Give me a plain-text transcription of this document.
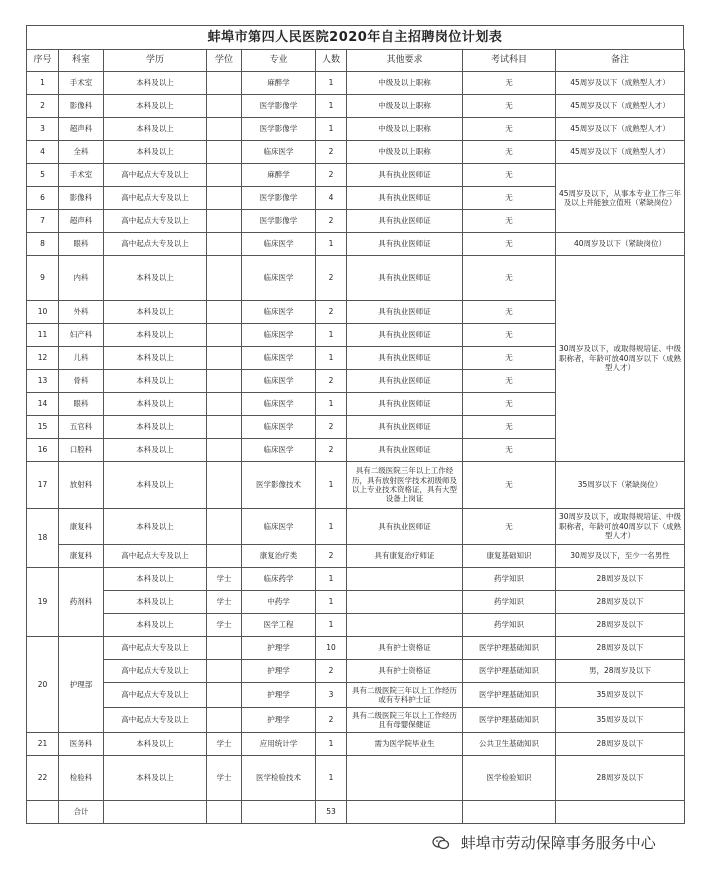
蚌埠市第四人民医院2020年自主招聘岗位计划表
序号	科室	学历	学位	专业	人数	其他要求	考试科目	备注
1	手术室	本科及以上		麻醉学	1	中级及以上职称	无	45周岁及以下（成熟型人才）
2	影像科	本科及以上		医学影像学	1	中级及以上职称	无	45周岁及以下（成熟型人才）
3	超声科	本科及以上		医学影像学	1	中级及以上职称	无	45周岁及以下（成熟型人才）
4	全科	本科及以上		临床医学	2	中级及以上职称	无	45周岁及以下（成熟型人才）
5	手术室	高中起点大专及以上		麻醉学	2	具有执业医师证	无	45周岁及以下，从事本专业工作三年及以上并能独立值班（紧缺岗位）
6	影像科	高中起点大专及以上		医学影像学	4	具有执业医师证	无	
7	超声科	高中起点大专及以上		医学影像学	2	具有执业医师证	无	
8	眼科	高中起点大专及以上		临床医学	1	具有执业医师证	无	40周岁及以下（紧缺岗位）
9	内科	本科及以上		临床医学	2	具有执业医师证	无	30周岁及以下，或取得规培证、中级职称者，年龄可放40周岁以下（成熟型人才）
10	外科	本科及以上		临床医学	2	具有执业医师证	无	
11	妇产科	本科及以上		临床医学	1	具有执业医师证	无	
12	儿科	本科及以上		临床医学	1	具有执业医师证	无	
13	骨科	本科及以上		临床医学	2	具有执业医师证	无	
14	眼科	本科及以上		临床医学	1	具有执业医师证	无	
15	五官科	本科及以上		临床医学	2	具有执业医师证	无	
16	口腔科	本科及以上		临床医学	2	具有执业医师证	无	
17	放射科	本科及以上		医学影像技术	1	具有二级医院三年以上工作经历，具有放射医学技术初级师及以上专业技术资格证，具有大型设备上岗证	无	35周岁以下（紧缺岗位）
18	康复科	本科及以上		临床医学	1	具有执业医师证	无	30周岁及以下，或取得规培证、中级职称者，年龄可放40周岁以下（成熟型人才）
	康复科	高中起点大专及以上		康复治疗类	2	具有康复治疗师证	康复基础知识	30周岁及以下，至少一名男性
19	药剂科	本科及以上	学士	临床药学	1		药学知识	28周岁及以下
		本科及以上	学士	中药学	1		药学知识	28周岁及以下
		本科及以上	学士	医学工程	1		药学知识	28周岁及以下
20	护理部	高中起点大专及以上		护理学	10	具有护士资格证	医学护理基础知识	28周岁及以下
		高中起点大专及以上		护理学	2	具有护士资格证	医学护理基础知识	男，28周岁及以下
		高中起点大专及以上		护理学	3	具有二级医院三年以上工作经历或有专科护士证	医学护理基础知识	35周岁及以下
		高中起点大专及以上		护理学	2	具有二级医院三年以上工作经历且有母婴保健证	医学护理基础知识	35周岁及以下
21	医务科	本科及以上	学士	应用统计学	1	需为医学院毕业生	公共卫生基础知识	28周岁及以下
22	检验科	本科及以上	学士	医学检验技术	1		医学检验知识	28周岁及以下
	合计				53			
蚌埠市劳动保障事务服务中心
